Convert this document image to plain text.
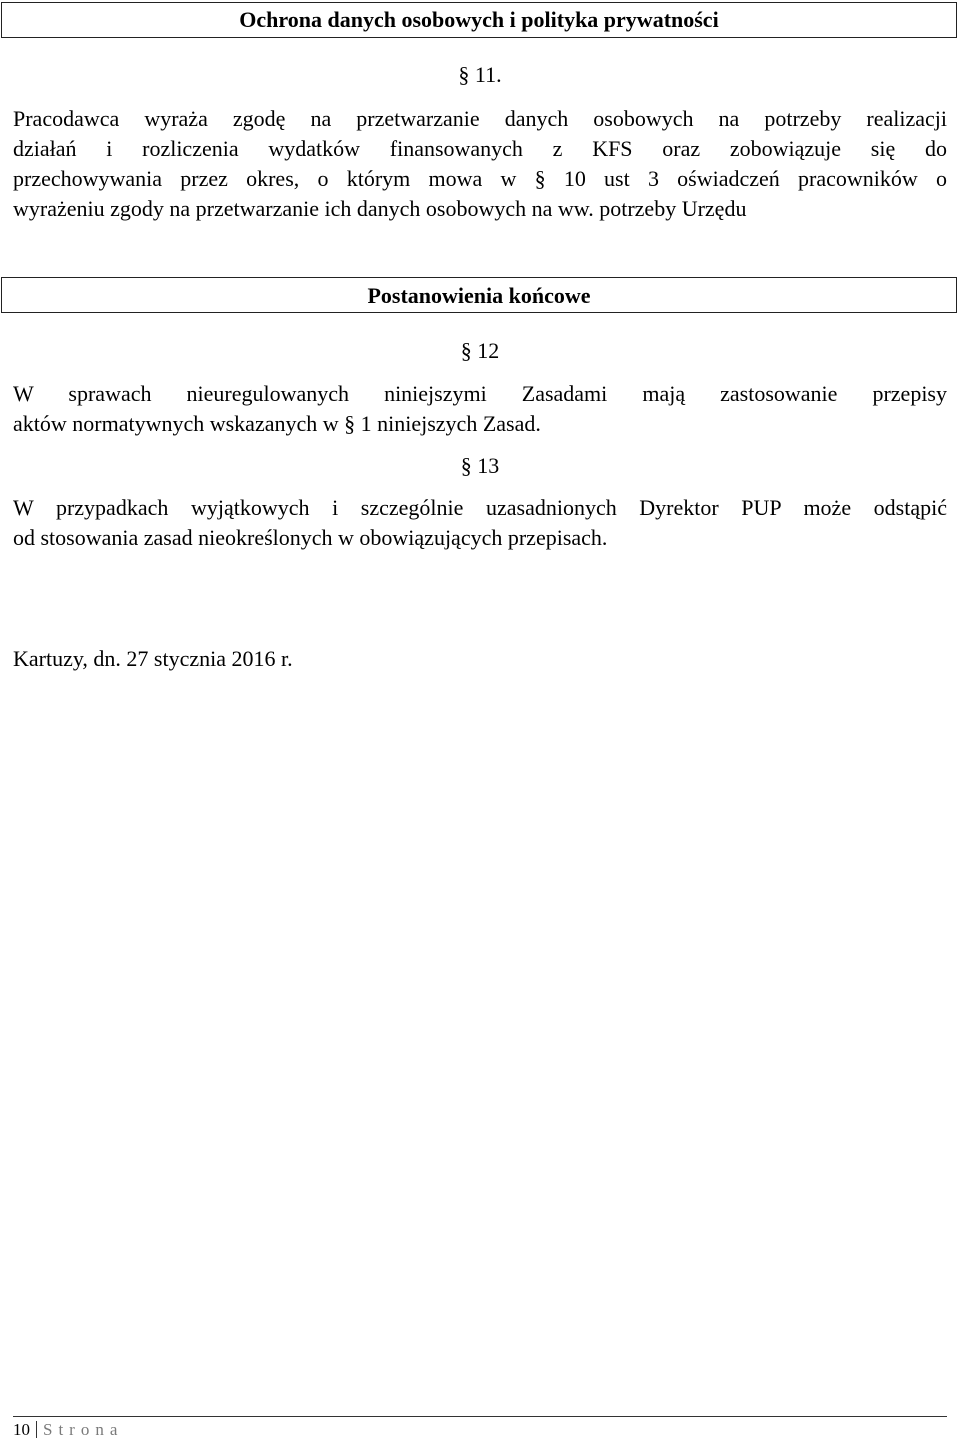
Ochrona danych osobowych i polityka prywatności
§ 11.
Pracodawca wyraża zgodę na przetwarzanie danych osobowych na potrzeby realizacji
działań i rozliczenia wydatków finansowanych z KFS oraz zobowiązuje się do
przechowywania przez okres, o którym mowa w § 10 ust 3 oświadczeń pracowników o
wyrażeniu zgody na przetwarzanie ich danych osobowych na ww. potrzeby Urzędu
Postanowienia końcowe
§ 12
W sprawach nieuregulowanych niniejszymi Zasadami mają zastosowanie przepisy
aktów normatywnych wskazanych w § 1 niniejszych Zasad.
§ 13
W przypadkach wyjątkowych i szczególnie uzasadnionych Dyrektor PUP może odstąpić
od stosowania zasad nieokreślonych w obowiązujących przepisach.
Kartuzy, dn. 27 stycznia 2016 r.
10 Strona
